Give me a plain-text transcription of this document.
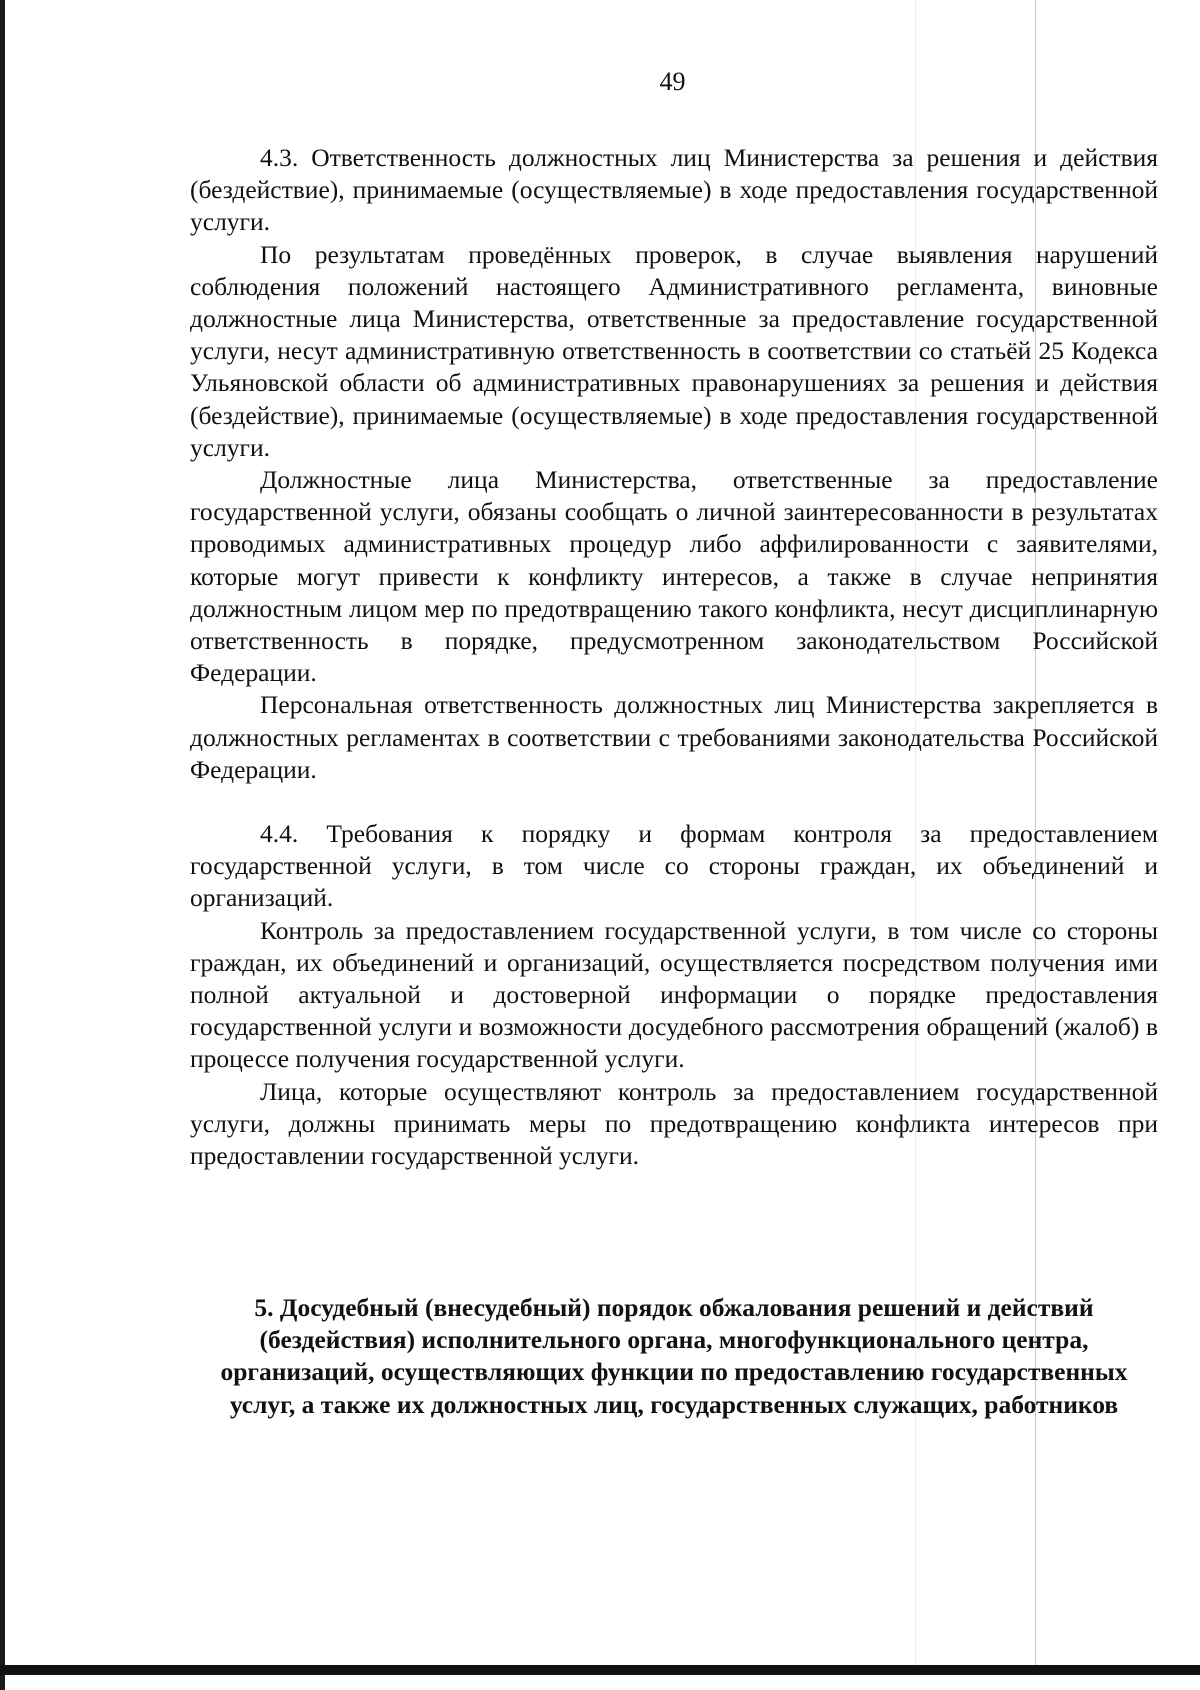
49

4.3. Ответственность должностных лиц Министерства за решения и действия (бездействие), принимаемые (осуществляемые) в ходе предоставления государственной услуги.

По результатам проведённых проверок, в случае выявления нарушений соблюдения положений настоящего Административного регламента, виновные должностные лица Министерства, ответственные за предоставление государственной услуги, несут административную ответственность в соответствии со статьёй 25 Кодекса Ульяновской области об административных правонарушениях за решения и действия (бездействие), принимаемые (осуществляемые) в ходе предоставления государственной услуги.

Должностные лица Министерства, ответственные за предоставление государственной услуги, обязаны сообщать о личной заинтересованности в результатах проводимых административных процедур либо аффилированности с заявителями, которые могут привести к конфликту интересов, а также в случае непринятия должностным лицом мер по предотвращению такого конфликта, несут дисциплинарную ответственность в порядке, предусмотренном законодательством Российской Федерации.

Персональная ответственность должностных лиц Министерства закрепляется в должностных регламентах в соответствии с требованиями законодательства Российской Федерации.

4.4. Требования к порядку и формам контроля за предоставлением государственной услуги, в том числе со стороны граждан, их объединений и организаций.

Контроль за предоставлением государственной услуги, в том числе со стороны граждан, их объединений и организаций, осуществляется посредством получения ими полной актуальной и достоверной информации о порядке предоставления государственной услуги и возможности досудебного рассмотрения обращений (жалоб) в процессе получения государственной услуги.

Лица, которые осуществляют контроль за предоставлением государственной услуги, должны принимать меры по предотвращению конфликта интересов при предоставлении государственной услуги.

5. Досудебный (внесудебный) порядок обжалования решений и действий (бездействия) исполнительного органа, многофункционального центра, организаций, осуществляющих функции по предоставлению государственных услуг, а также их должностных лиц, государственных служащих, работников
